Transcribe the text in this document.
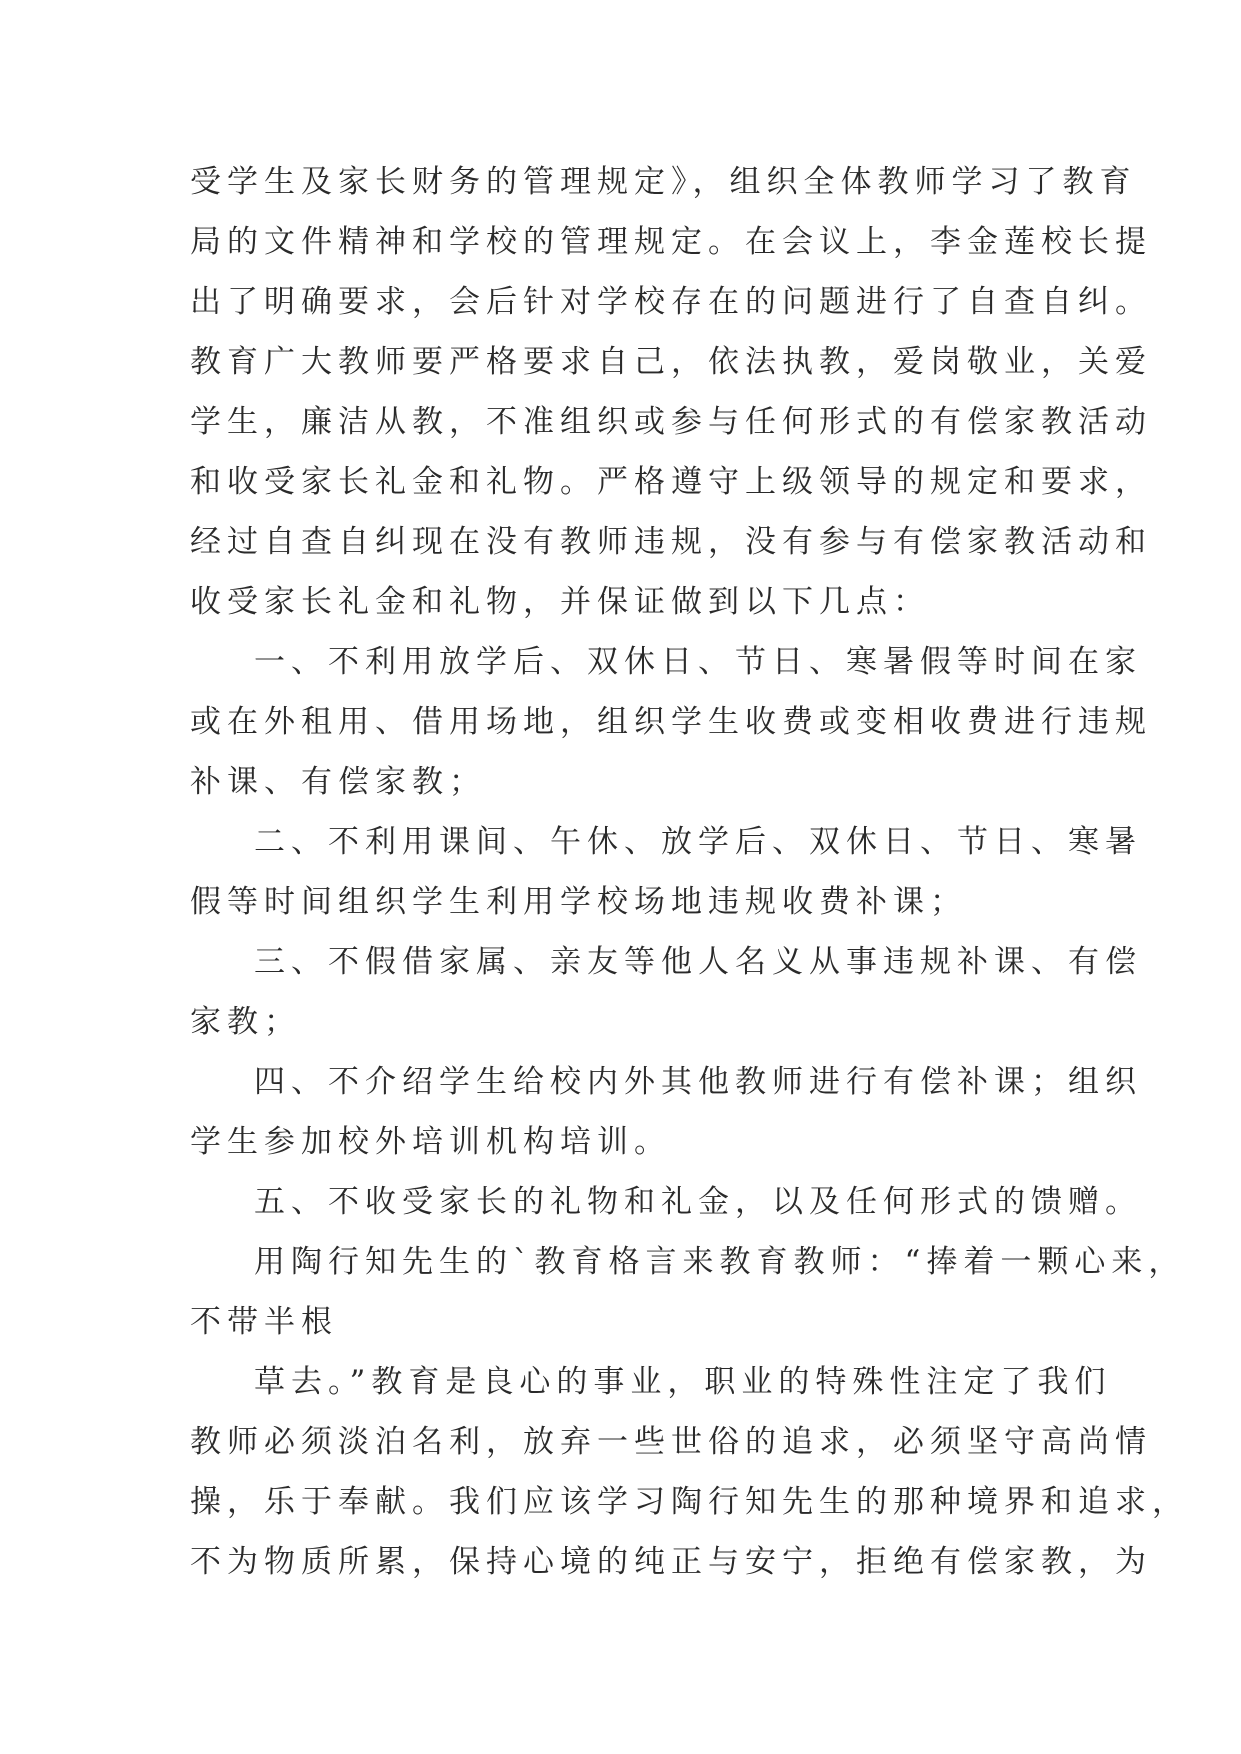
受学生及家长财务的管理规定》，组织全体教师学习了教育
局的文件精神和学校的管理规定。在会议上，李金莲校长提
出了明确要求，会后针对学校存在的问题进行了自查自纠。
教育广大教师要严格要求自己，依法执教，爱岗敬业，关爱
学生，廉洁从教，不准组织或参与任何形式的有偿家教活动
和收受家长礼金和礼物。严格遵守上级领导的规定和要求，
经过自查自纠现在没有教师违规，没有参与有偿家教活动和
收受家长礼金和礼物，并保证做到以下几点：
一、不利用放学后、双休日、节日、寒暑假等时间在家
或在外租用、借用场地，组织学生收费或变相收费进行违规
补课、有偿家教；
二、不利用课间、午休、放学后、双休日、节日、寒暑
假等时间组织学生利用学校场地违规收费补课；
三、不假借家属、亲友等他人名义从事违规补课、有偿
家教；
四、不介绍学生给校内外其他教师进行有偿补课；组织
学生参加校外培训机构培训。
五、不收受家长的礼物和礼金，以及任何形式的馈赠。
用陶行知先生的`教育格言来教育教师：“捧着一颗心来，
不带半根
草去。”教育是良心的事业，职业的特殊性注定了我们
教师必须淡泊名利，放弃一些世俗的追求，必须坚守高尚情
操，乐于奉献。我们应该学习陶行知先生的那种境界和追求，
不为物质所累，保持心境的纯正与安宁，拒绝有偿家教，为
